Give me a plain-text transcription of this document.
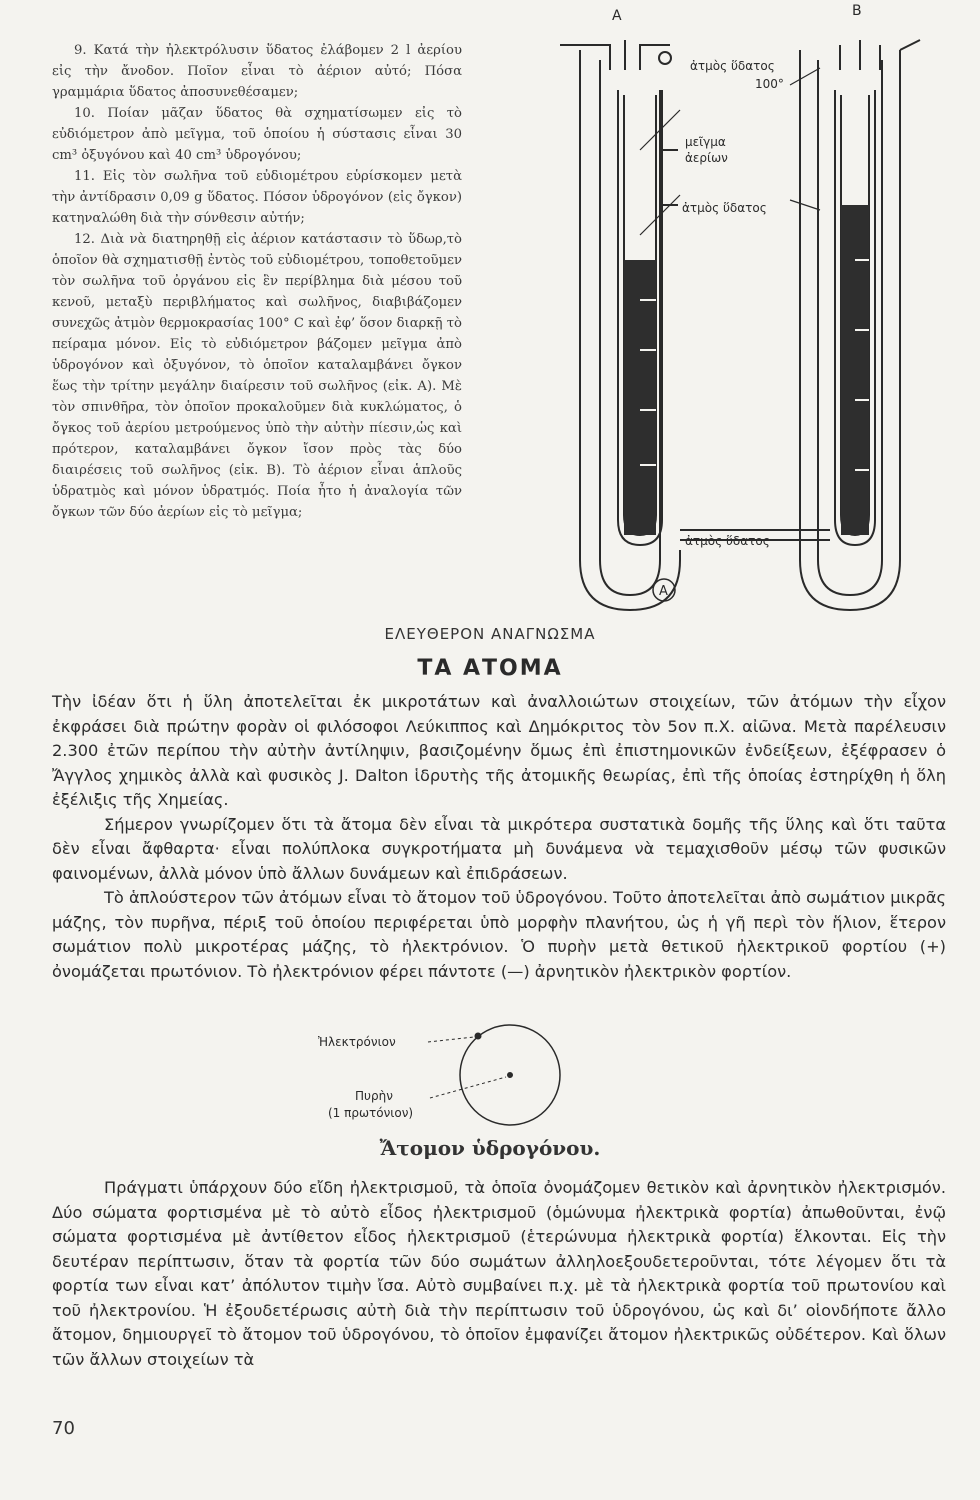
9. Κατά τὴν ἠλεκτρόλυσιν ὕδατος ἐλάβομεν 2 l ἀερίου εἰς τὴν ἄνοδον. Ποῖον εἶναι τὸ ἀέριον αὐτό; Πόσα γραμμάρια ὕδατος ἀποσυνεθέσαμεν;

10. Ποίαν μᾶζαν ὕδατος θὰ σχηματίσωμεν εἰς τὸ εὐδιόμετρον ἀπὸ μεῖγμα, τοῦ ὁποίου ἡ σύστασις εἶναι 30 cm³ ὀξυγόνου καὶ 40 cm³ ὑδρογόνου;

11. Εἰς τὸν σωλῆνα τοῦ εὐδιομέτρου εὑρίσκομεν μετὰ τὴν ἀντίδρασιν 0,09 g ὕδατος. Πόσον ὑδρογόνον (εἰς ὄγκον) κατηναλώθη διὰ τὴν σύνθεσιν αὐτήν;

12. Διὰ νὰ διατηρηθῇ εἰς ἀέριον κατάστασιν τὸ ὕδωρ,τὸ ὁποῖον θὰ σχηματισθῇ ἐντὸς τοῦ εὐδιομέτρου, τοποθετοῦμεν τὸν σωλῆνα τοῦ ὀργάνου εἰς ἓν περίβλημα διὰ μέσου τοῦ κενοῦ, μεταξὺ περιβλήματος καὶ σωλῆνος, διαβιβάζομεν συνεχῶς ἀτμὸν θερμοκρασίας 100° C καὶ ἐφ’ ὅσον διαρκῇ τὸ πείραμα μόνον. Εἰς τὸ εὐδιόμετρον βάζομεν μεῖγμα ἀπὸ ὑδρογόνον καὶ ὀξυγόνον, τὸ ὁποῖον καταλαμβάνει ὄγκον ἕως τὴν τρίτην μεγάλην διαίρεσιν τοῦ σωλῆνος (εἰκ. Α). Μὲ τὸν σπινθῆρα, τὸν ὁποῖον προκαλοῦμεν διὰ κυκλώματος, ὁ ὄγκος τοῦ ἀερίου μετρούμενος ὑπὸ τὴν αὐτὴν πίεσιν,ὡς καὶ πρότερον, καταλαμβάνει ὄγκον ἴσον πρὸς τὰς δύο διαιρέσεις τοῦ σωλῆνος (εἰκ. Β). Τὸ ἀέριον εἶναι ἁπλοῦς ὑδρατμὸς καὶ μόνον ὑδρατμός. Ποία ἦτο ἡ ἀναλογία τῶν ὄγκων τῶν δύο ἀερίων εἰς τὸ μεῖγμα;

A	B
ἀτμὸς ὕδατος
100°
μεῖγμα
ἀερίων
ἀτμὸς ὕδατος
ἀτμὸς ὕδατος
A
ΕΛΕΥΘΕΡΟΝ ΑΝΑΓΝΩΣΜΑ
ΤΑ ΑΤΟΜΑ

Τὴν ἰδέαν ὅτι ἡ ὕλη ἀποτελεῖται ἐκ μικροτάτων καὶ ἀναλλοιώτων στοιχείων, τῶν ἀτόμων τὴν εἶχον ἐκφράσει διὰ πρώτην φορὰν οἱ φιλόσοφοι Λεύκιππος καὶ Δημόκριτος τὸν 5ον π.Χ. αἰῶνα. Μετὰ παρέλευσιν 2.300 ἐτῶν περίπου τὴν αὐτὴν ἀντίληψιν, βασιζομένην ὅμως ἐπὶ ἐπιστημονικῶν ἐνδείξεων, ἐξέφρασεν ὁ Ἄγγλος χημικὸς ἀλλὰ καὶ φυσικὸς J. Dalton ἱδρυτὴς τῆς ἀτομικῆς θεωρίας, ἐπὶ τῆς ὁποίας ἐστηρίχθη ἡ ὅλη ἐξέλιξις τῆς Χημείας.

Σήμερον γνωρίζομεν ὅτι τὰ ἄτομα δὲν εἶναι τὰ μικρότερα συστατικὰ δομῆς τῆς ὕλης καὶ ὅτι ταῦτα δὲν εἶναι ἄφθαρτα· εἶναι πολύπλοκα συγκροτήματα μὴ δυνάμενα νὰ τεμαχισθοῦν μέσῳ τῶν φυσικῶν φαινομένων, ἀλλὰ μόνον ὑπὸ ἄλλων δυνάμεων καὶ ἐπιδράσεων.

Τὸ ἁπλούστερον τῶν ἀτόμων εἶναι τὸ ἄτομον τοῦ ὑδρογόνου. Τοῦτο ἀποτελεῖται ἀπὸ σωμάτιον μικρᾶς μάζης, τὸν πυρῆνα, πέριξ τοῦ ὁποίου περιφέρεται ὑπὸ μορφὴν πλανήτου, ὡς ἡ γῆ περὶ τὸν ἥλιον, ἕτερον σωμάτιον πολὺ μικροτέρας μάζης, τὸ ἠλεκτρόνιον. Ὁ πυρὴν μετὰ θετικοῦ ἠλεκτρικοῦ φορτίου (+) ὀνομάζεται πρωτόνιον. Τὸ ἠλεκτρόνιον φέρει πάντοτε (—) ἀρνητικὸν ἠλεκτρικὸν φορτίον.

Ἠλεκτρόνιον
Πυρὴν
(1 πρωτόνιον)
Ἄτομον ὑδρογόνου.

Πράγματι ὑπάρχουν δύο εἴδη ἠλεκτρισμοῦ, τὰ ὁποῖα ὀνομάζομεν θετικὸν καὶ ἀρνητικὸν ἠλεκτρισμόν. Δύο σώματα φορτισμένα μὲ τὸ αὐτὸ εἶδος ἠλεκτρισμοῦ (ὁμώνυμα ἠλεκτρικὰ φορτία) ἀπωθοῦνται, ἐνῷ σώματα φορτισμένα μὲ ἀντίθετον εἶδος ἠλεκτρισμοῦ (ἑτερώνυμα ἠλεκτρικὰ φορτία) ἕλκονται. Εἰς τὴν δευτέραν περίπτωσιν, ὅταν τὰ φορτία τῶν δύο σωμάτων ἀλληλοεξουδετεροῦνται, τότε λέγομεν ὅτι τὰ φορτία των εἶναι κατ’ ἀπόλυτον τιμὴν ἴσα. Αὐτὸ συμβαίνει π.χ. μὲ τὰ ἠλεκτρικὰ φορτία τοῦ πρωτονίου καὶ τοῦ ἠλεκτρονίου. Ἡ ἐξουδετέρωσις αὐτὴ διὰ τὴν περίπτωσιν τοῦ ὑδρογόνου, ὡς καὶ δι’ οἱονδήποτε ἄλλο ἄτομον, δημιουργεῖ τὸ ἄτομον τοῦ ὑδρογόνου, τὸ ὁποῖον ἐμφανίζει ἄτομον ἠλεκτρικῶς οὐδέτερον. Καὶ ὅλων τῶν ἄλλων στοιχείων τὰ

70
